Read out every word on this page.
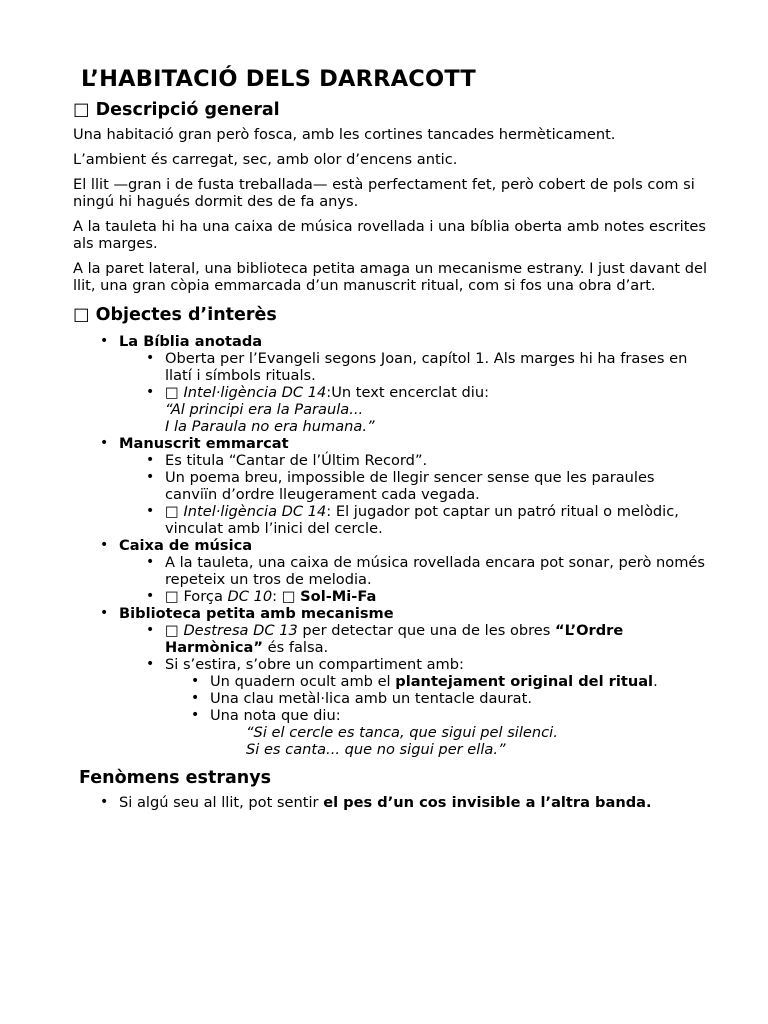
L’HABITACIÓ DELS DARRACOTT
□ Descripció general

Una habitació gran però fosca, amb les cortines tancades hermèticament.

L’ambient és carregat, sec, amb olor d’encens antic.

El llit —gran i de fusta treballada— està perfectament fet, però cobert de pols com si ningú hi hagués dormit des de fa anys.

A la tauleta hi ha una caixa de música rovellada i una bíblia oberta amb notes escrites als marges.

A la paret lateral, una biblioteca petita amaga un mecanisme estrany. I just davant del llit, una gran còpia emmarcada d’un manuscrit ritual, com si fos una obra d’art.

□ Objectes d’interès
• La Bíblia anotada
• Oberta per l’Evangeli segons Joan, capítol 1. Als marges hi ha frases en llatí i símbols rituals.
• □ Intel·ligència DC 14:Un text encerclat diu:
“Al principi era la Paraula...
I la Paraula no era humana.”
• Manuscrit emmarcat
• Es titula “Cantar de l’Últim Record”.
• Un poema breu, impossible de llegir sencer sense que les paraules canviïn d’ordre lleugerament cada vegada.
• □ Intel·ligència DC 14: El jugador pot captar un patró ritual o melòdic, vinculat amb l’inici del cercle.
• Caixa de música
• A la tauleta, una caixa de música rovellada encara pot sonar, però només repeteix un tros de melodia.
• □ Força DC 10: □ Sol-Mi-Fa
• Biblioteca petita amb mecanisme
• □ Destresa DC 13 per detectar que una de les obres “L’Ordre Harmònica” és falsa.
• Si s’estira, s’obre un compartiment amb:
• Un quadern ocult amb el plantejament original del ritual.
• Una clau metàl·lica amb un tentacle daurat.
• Una nota que diu:
“Si el cercle es tanca, que sigui pel silenci.
Si es canta... que no sigui per ella.”
Fenòmens estranys
• Si algú seu al llit, pot sentir el pes d’un cos invisible a l’altra banda.
